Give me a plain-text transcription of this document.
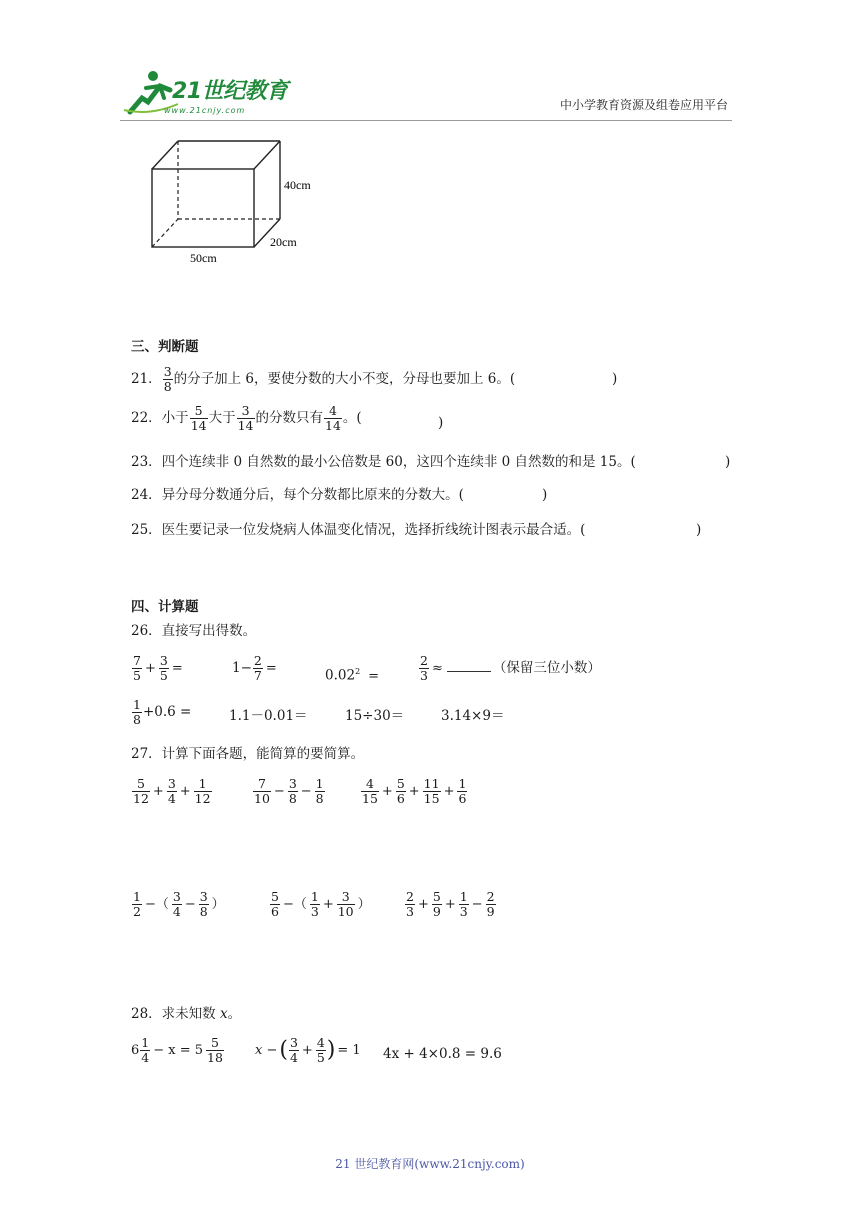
21世纪教育
www.21cnjy.com	中小学教育资源及组卷应用平台
40cm
20cm
50cm
三、判断题
21． $\frac{3}{8}$ 的分子加上 6，要使分数的大小不变，分母也要加上 6。(	)
22．小于 $\frac{5}{14}$ 大于 $\frac{3}{14}$ 的分数只有 $\frac{4}{14}$ 。(	)
23．四个连续非 0 自然数的最小公倍数是 60，这四个连续非 0 自然数的和是 15。(	)
24．异分母分数通分后，每个分数都比原来的分数大。(	)
25．医生要记录一位发烧病人体温变化情况，选择折线统计图表示最合适。(	)
四、计算题
26．直接写出得数。
$\frac{7}{5} + \frac{3}{5}$ =	$1- \frac{2}{7}$ =	$0.02^2$ =	$\frac{2}{3}$ ≈	（保留三位小数）
$\frac{1}{8} +0.6$ =	1.1－0.01＝	15÷30＝	3.14×9＝
27．计算下面各题，能简算的要简算。
$\frac{5}{12} + \frac{3}{4} + \frac{1}{12}$	$\frac{7}{10} - \frac{3}{8} - \frac{1}{8}$	$\frac{4}{15} + \frac{5}{6} + \frac{11}{15} + \frac{1}{6}$
$\frac{1}{2}$ −（ $\frac{3}{4} - \frac{3}{8}$ ）	$\frac{5}{6}$ −（ $\frac{1}{3} + \frac{3}{10}$ ）	$\frac{2}{3} + \frac{5}{9} + \frac{1}{3} - \frac{2}{9}$
28．求未知数 x。
$6 \frac{1}{4} - x = 5 \frac{5}{18}$ x −( $\frac{3}{4} + \frac{4}{5}$ ) = 1 4x + 4×0.8 = 9.6
21 世纪教育网(www.21cnjy.com)
